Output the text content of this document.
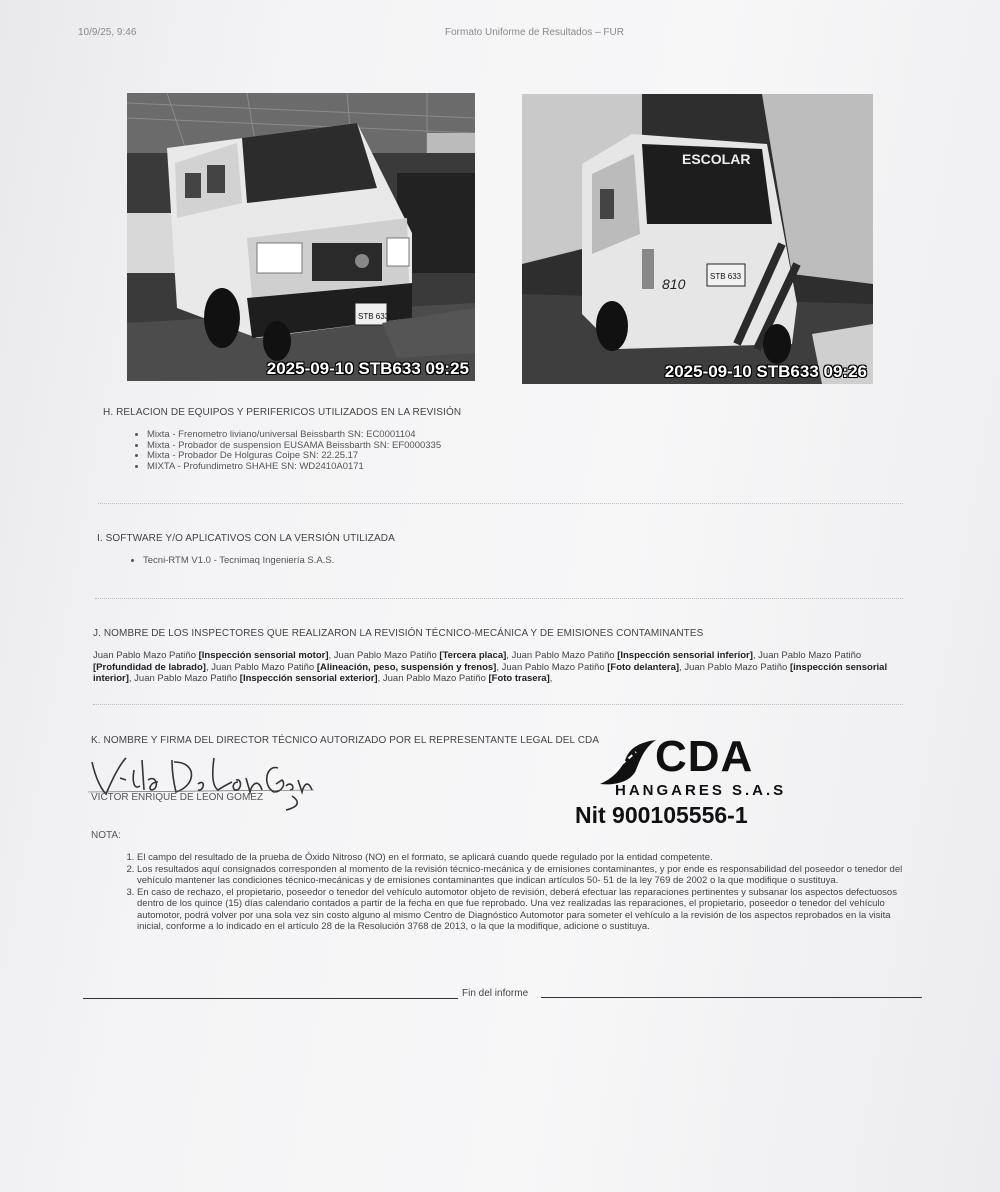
10/9/25, 9:46	Formato Uniforme de Resultados – FUR
STB 633
2025-09-10 STB633 09:25
ESCOLAR
STB 633
810
2025-09-10 STB633 09:26
H. RELACION DE EQUIPOS Y PERIFERICOS UTILIZADOS EN LA REVISIÓN
• Mixta - Frenometro liviano/universal Beissbarth SN: EC0001104
• Mixta - Probador de suspension EUSAMA Beissbarth SN: EF0000335
• Mixta - Probador De Holguras Coipe SN: 22.25.17
• MIXTA - Profundimetro SHAHE SN: WD2410A0171
I. SOFTWARE Y/O APLICATIVOS CON LA VERSIÓN UTILIZADA
• Tecni-RTM V1.0 - Tecnimaq Ingeniería S.A.S.
J. NOMBRE DE LOS INSPECTORES QUE REALIZARON LA REVISIÓN TÉCNICO-MECÁNICA Y DE EMISIONES CONTAMINANTES
Juan Pablo Mazo Patiño [Inspección sensorial motor], Juan Pablo Mazo Patiño [Tercera placa], Juan Pablo Mazo Patiño [Inspección sensorial inferior], Juan Pablo Mazo Patiño [Profundidad de labrado], Juan Pablo Mazo Patiño [Alineación, peso, suspensión y frenos], Juan Pablo Mazo Patiño [Foto delantera], Juan Pablo Mazo Patiño [inspección sensorial interior], Juan Pablo Mazo Patiño [Inspección sensorial exterior], Juan Pablo Mazo Patiño [Foto trasera],
K. NOMBRE Y FIRMA DEL DIRECTOR TÉCNICO AUTORIZADO POR EL REPRESENTANTE LEGAL DEL CDA
VICTOR ENRIQUE DE LEON GOMEZ
CDA
HANGARES S.A.S
Nit 900105556-1
NOTA:
1. El campo del resultado de la prueba de Óxido Nitroso (NO) en el formato, se aplicará cuando quede regulado por la entidad competente.
2. Los resultados aquí consignados corresponden al momento de la revisión técnico-mecánica y de emisiones contaminantes, y por ende es responsabilidad del poseedor o tenedor del vehículo mantener las condiciones técnico-mecánicas y de emisiones contaminantes que indican artículos 50- 51 de la ley 769 de 2002 o la que modifique o sustituya.
3. En caso de rechazo, el propietario, poseedor o tenedor del vehículo automotor objeto de revisión, deberá efectuar las reparaciones pertinentes y subsanar los aspectos defectuosos dentro de los quince (15) días calendario contados a partir de la fecha en que fue reprobado. Una vez realizadas las reparaciones, el propietario, poseedor o tenedor del vehículo automotor, podrá volver por una sola vez sin costo alguno al mismo Centro de Diagnóstico Automotor para someter el vehículo a la revisión de los aspectos reprobados en la visita inicial, conforme a lo indicado en el artículo 28 de la Resolución 3768 de 2013, o la que la modifique, adicione o sustituya.
Fin del informe
